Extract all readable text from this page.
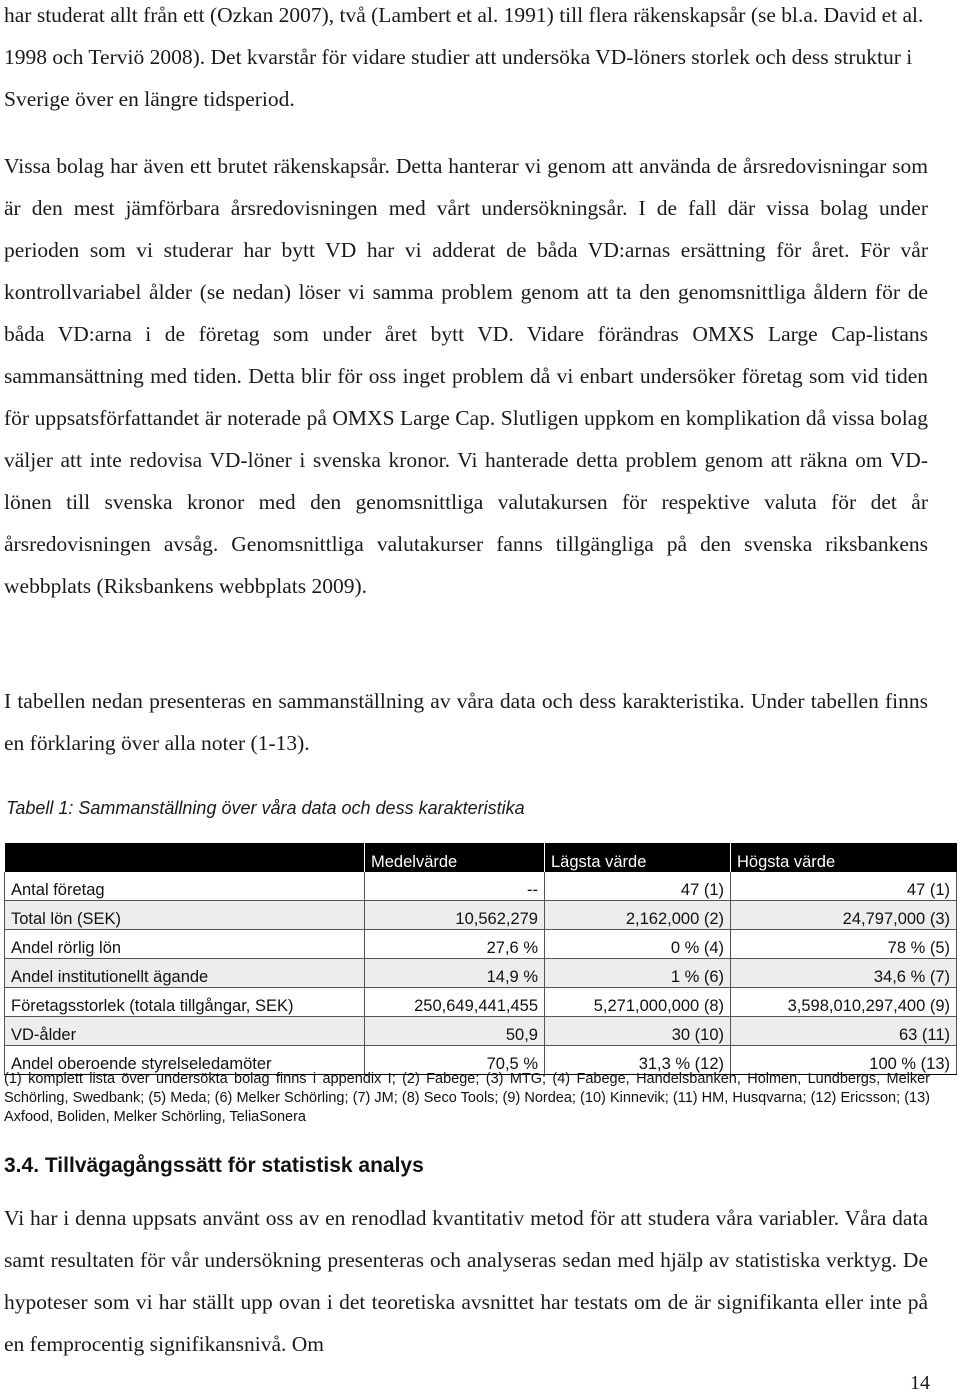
har studerat allt från ett (Ozkan 2007), två (Lambert et al. 1991) till flera räkenskapsår (se bl.a. David et al. 1998 och Terviö 2008). Det kvarstår för vidare studier att undersöka VD-löners storlek och dess struktur i Sverige över en längre tidsperiod.

Vissa bolag har även ett brutet räkenskapsår. Detta hanterar vi genom att använda de årsredovisningar som är den mest jämförbara årsredovisningen med vårt undersökningsår. I de fall där vissa bolag under perioden som vi studerar har bytt VD har vi adderat de båda VD:arnas ersättning för året. För vår kontrollvariabel ålder (se nedan) löser vi samma problem genom att ta den genomsnittliga åldern för de båda VD:arna i de företag som under året bytt VD. Vidare förändras OMXS Large Cap-listans sammansättning med tiden. Detta blir för oss inget problem då vi enbart undersöker företag som vid tiden för uppsatsförfattandet är noterade på OMXS Large Cap. Slutligen uppkom en komplikation då vissa bolag väljer att inte redovisa VD-löner i svenska kronor. Vi hanterade detta problem genom att räkna om VD-lönen till svenska kronor med den genomsnittliga valutakursen för respektive valuta för det år årsredovisningen avsåg. Genomsnittliga valutakurser fanns tillgängliga på den svenska riksbankens webbplats (Riksbankens webbplats 2009).

I tabellen nedan presenteras en sammanställning av våra data och dess karakteristika. Under tabellen finns en förklaring över alla noter (1-13).

Tabell 1: Sammanställning över våra data och dess karakteristika

	Medelvärde	Lägsta värde	Högsta värde
Antal företag	--	47 (1)	47 (1)
Total lön (SEK)	10,562,279	2,162,000 (2)	24,797,000 (3)
Andel rörlig lön	27,6 %	0 % (4)	78 % (5)
Andel institutionellt ägande	14,9 %	1 % (6)	34,6 % (7)
Företagsstorlek (totala tillgångar, SEK)	250,649,441,455	5,271,000,000 (8)	3,598,010,297,400 (9)
VD-ålder	50,9	30 (10)	63 (11)
Andel oberoende styrelseledamöter	70,5 %	31,3 % (12)	100 % (13)

(1) komplett lista över undersökta bolag finns i appendix I; (2) Fabege; (3) MTG; (4) Fabege, Handelsbanken, Holmen, Lundbergs, Melker Schörling, Swedbank; (5) Meda; (6) Melker Schörling; (7) JM; (8) Seco Tools; (9) Nordea; (10) Kinnevik; (11) HM, Husqvarna; (12) Ericsson; (13) Axfood, Boliden, Melker Schörling, TeliaSonera

3.4. Tillvägagångssätt för statistisk analys

Vi har i denna uppsats använt oss av en renodlad kvantitativ metod för att studera våra variabler. Våra data samt resultaten för vår undersökning presenteras och analyseras sedan med hjälp av statistiska verktyg. De hypoteser som vi har ställt upp ovan i det teoretiska avsnittet har testats om de är signifikanta eller inte på en femprocentig signifikansnivå. Om

14
